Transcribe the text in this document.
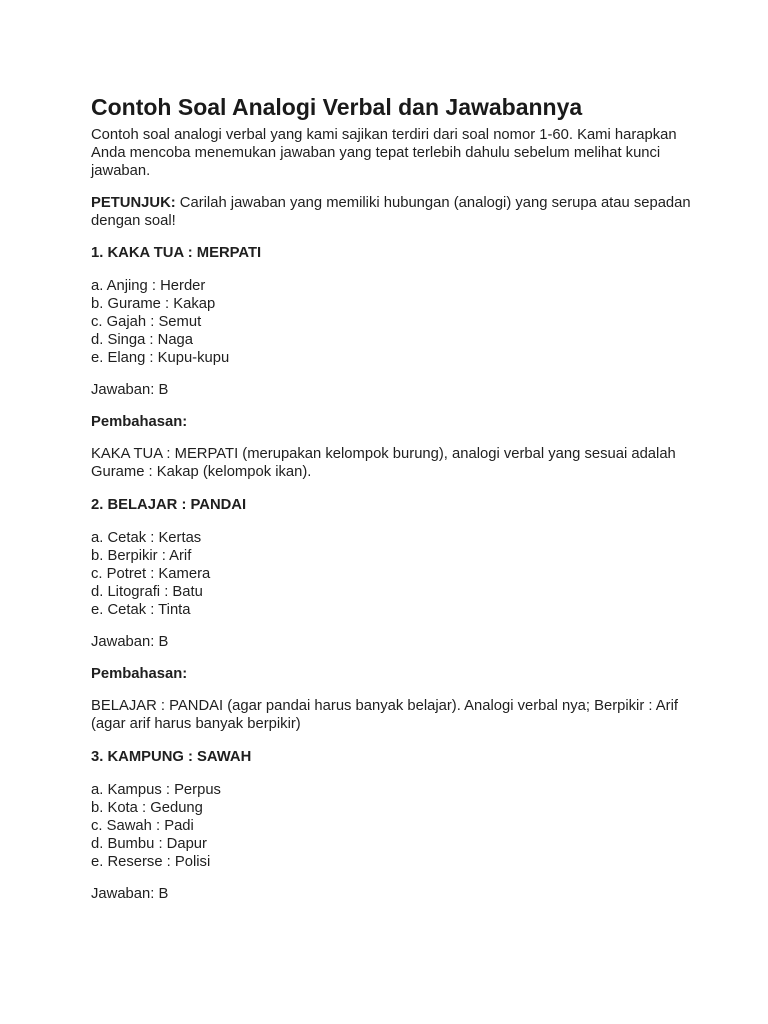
Contoh Soal Analogi Verbal dan Jawabannya

Contoh soal analogi verbal yang kami sajikan terdiri dari soal nomor 1-60. Kami harapkan Anda mencoba menemukan jawaban yang tepat terlebih dahulu sebelum melihat kunci jawaban.

PETUNJUK: Carilah jawaban yang memiliki hubungan (analogi) yang serupa atau sepadan dengan soal!

1. KAKA TUA : MERPATI

a. Anjing : Herder
b. Gurame : Kakap
c. Gajah : Semut
d. Singa : Naga
e. Elang : Kupu-kupu

Jawaban: B

Pembahasan:

KAKA TUA : MERPATI (merupakan kelompok burung), analogi verbal yang sesuai adalah Gurame : Kakap (kelompok ikan).

2. BELAJAR : PANDAI

a. Cetak : Kertas
b. Berpikir : Arif
c. Potret : Kamera
d. Litografi : Batu
e. Cetak : Tinta

Jawaban: B

Pembahasan:

BELAJAR : PANDAI (agar pandai harus banyak belajar). Analogi verbal nya; Berpikir : Arif (agar arif harus banyak berpikir)

3. KAMPUNG : SAWAH

a. Kampus : Perpus
b. Kota : Gedung
c. Sawah : Padi
d. Bumbu : Dapur
e. Reserse : Polisi

Jawaban: B
